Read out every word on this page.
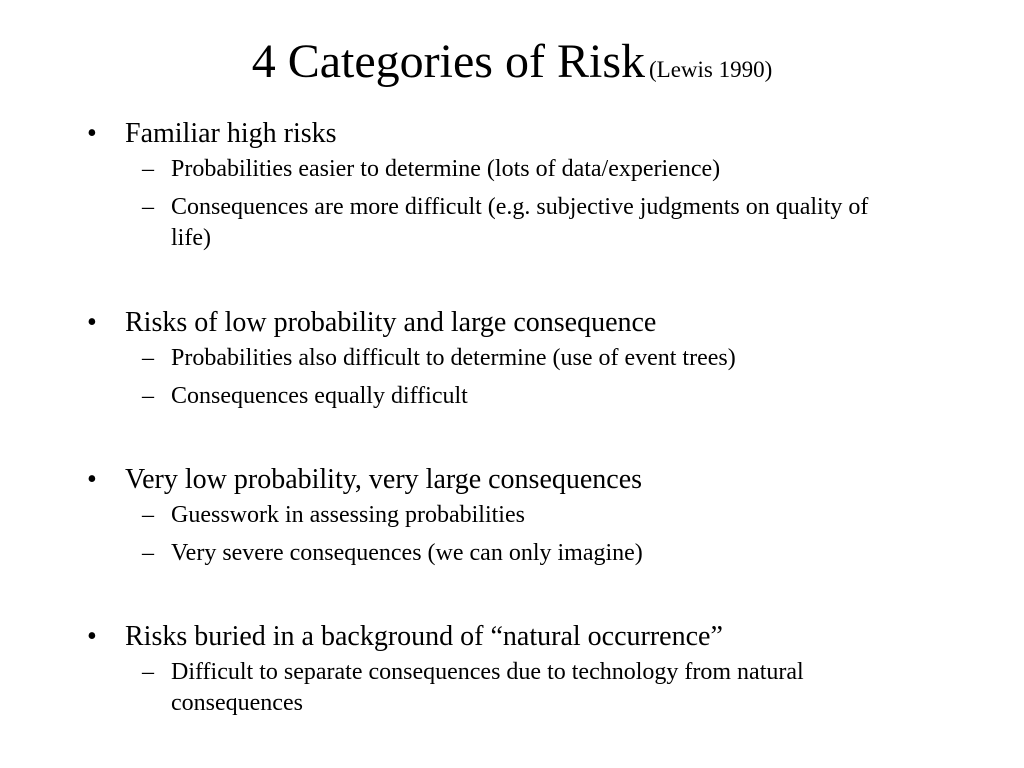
4 Categories of Risk (Lewis 1990)
• Familiar high risks
– Probabilities easier to determine (lots of data/experience)
– Consequences are more difficult (e.g. subjective judgments on quality of life)
• Risks of low probability and large consequence
– Probabilities also difficult to determine (use of event trees)
– Consequences equally difficult
• Very low probability, very large consequences
– Guesswork in assessing probabilities
– Very severe consequences (we can only imagine)
• Risks buried in a background of “natural occurrence”
– Difficult to separate consequences due to technology from natural consequences
